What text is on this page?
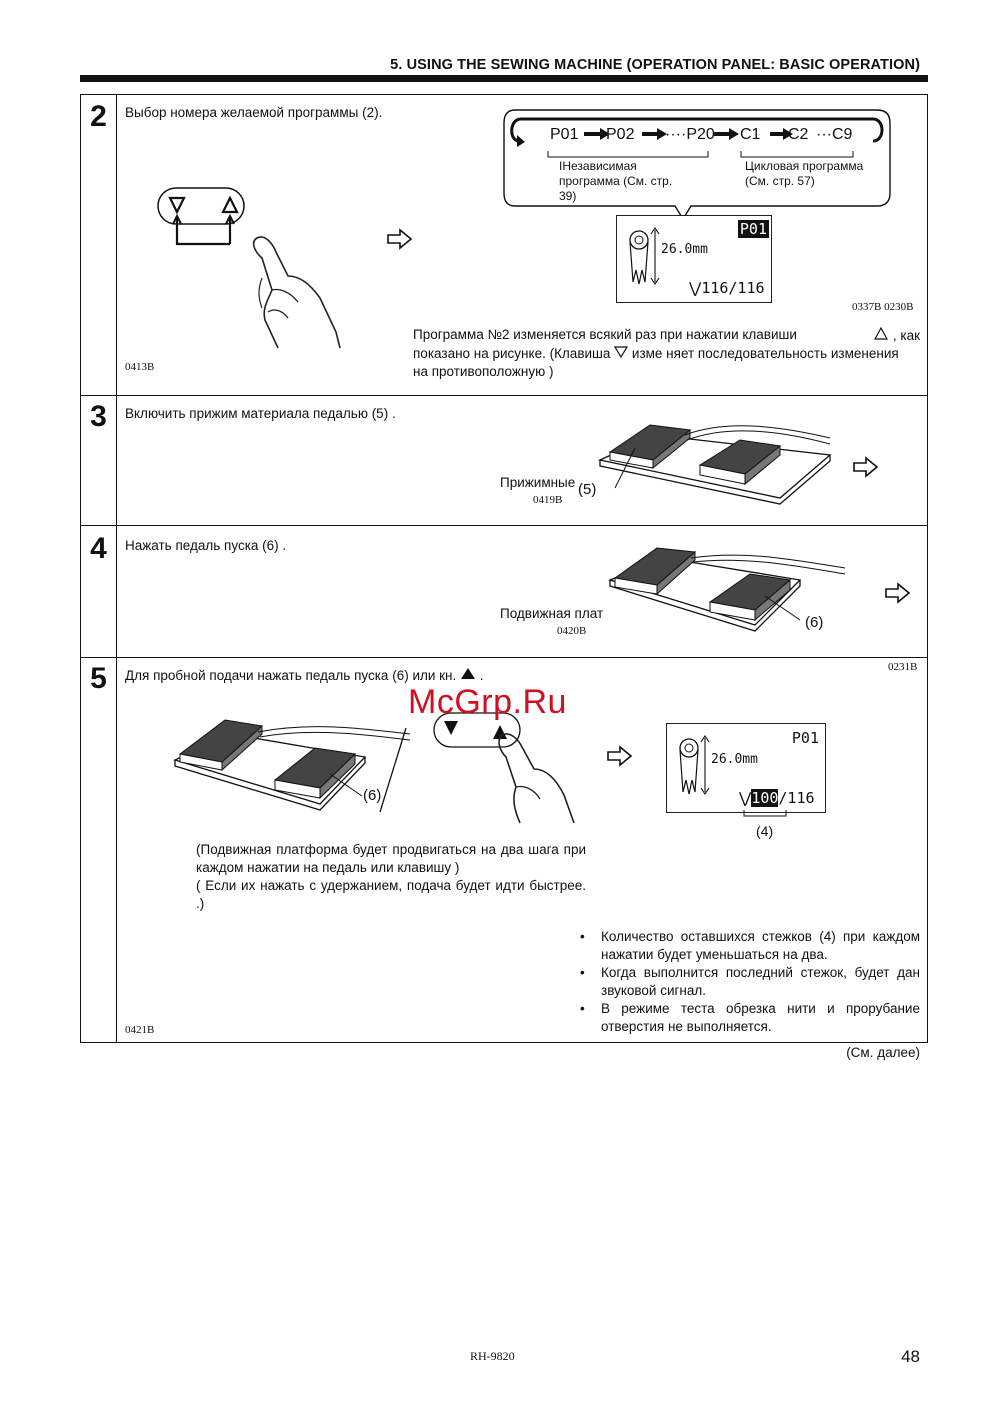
5. USING THE SEWING MACHINE (OPERATION PANEL: BASIC OPERATION)
2
3
4
5
Выбор номера желаемой программы (2).
0413B
P01 P02 ····P20 C1 C2 ···C9
IНезависимая программа (См. стр. 39)
Цикловая программа (См. стр. 57)
P01
26.0mm
⋁116/116
0337B 0230B
Программа №2 изменяется всякий раз при нажатии клавиши	, как
показано на рисунке. (Клавиша изме няет последовательность изменения
на противоположную )
Включить прижим материала педалью (5) .
Прижимные (5)
0419B
Нажать педаль пуска (6) .
Подвижная плат
(6)
0420B
Для пробной подачи нажать педаль пуска (6) или кн. .
0231B
(6)
P01
26.0mm
⋁100/116
(4)
(Подвижная платформа будет продвигаться на два шага при каждом нажатии на педаль или клавишу )
( Если их нажать с удержанием, подача будет идти быстрее. .)
• Количество оставшихся стежков (4) при каждом нажатии будет уменьшаться на два.
• Когда выполнится последний стежок, будет дан звуковой сигнал.
• В режиме теста обрезка нити и прорубание отверстия не выполняется.
0421B
(См. далее)
McGrp.Ru
RH-9820	48
